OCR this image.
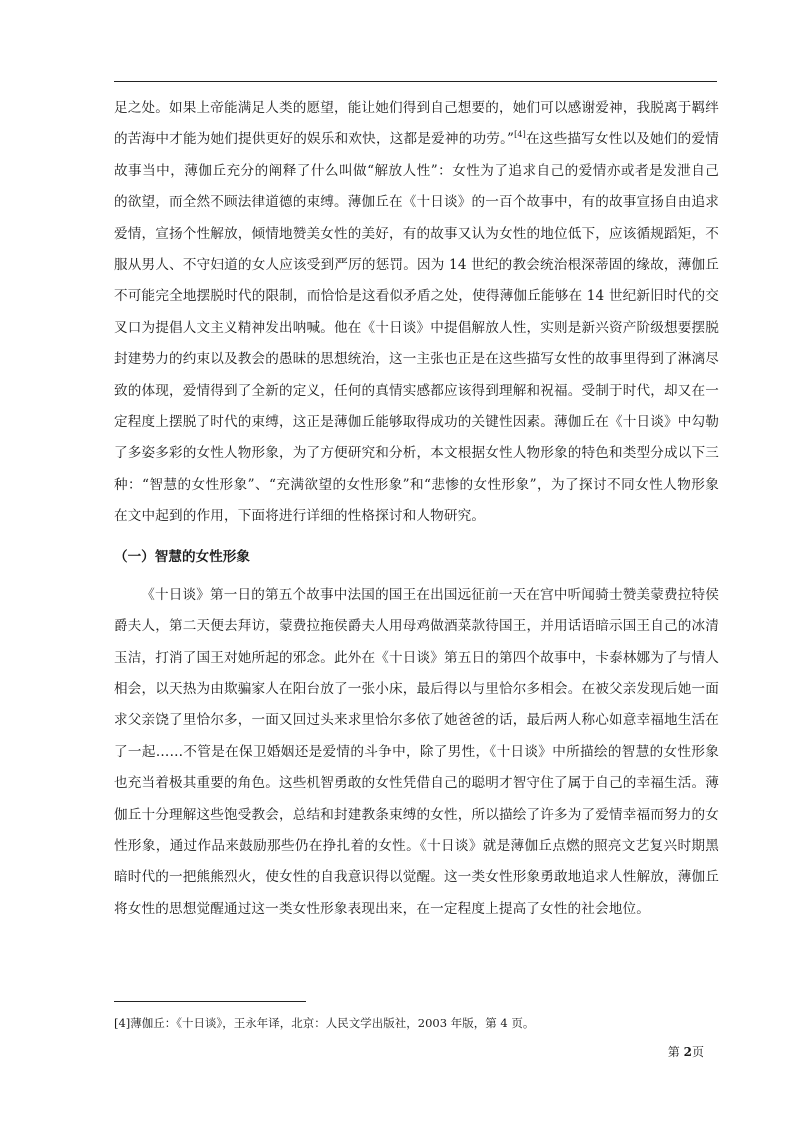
足之处。如果上帝能满足人类的愿望，能让她们得到自己想要的，她们可以感谢爱神，我脱离于羁绊的苦海中才能为她们提供更好的娱乐和欢快，这都是爱神的功劳。”[4]在这些描写女性以及她们的爱情故事当中，薄伽丘充分的阐释了什么叫做“解放人性”：女性为了追求自己的爱情亦或者是发泄自己的欲望，而全然不顾法律道德的束缚。薄伽丘在《十日谈》的一百个故事中，有的故事宣扬自由追求爱情，宣扬个性解放，倾情地赞美女性的美好，有的故事又认为女性的地位低下，应该循规蹈矩，不服从男人、不守妇道的女人应该受到严厉的惩罚。因为 14 世纪的教会统治根深蒂固的缘故，薄伽丘不可能完全地摆脱时代的限制，而恰恰是这看似矛盾之处，使得薄伽丘能够在 14 世纪新旧时代的交叉口为提倡人文主义精神发出呐喊。他在《十日谈》中提倡解放人性，实则是新兴资产阶级想要摆脱封建势力的约束以及教会的愚昧的思想统治，这一主张也正是在这些描写女性的故事里得到了淋漓尽致的体现，爱情得到了全新的定义，任何的真情实感都应该得到理解和祝福。受制于时代，却又在一定程度上摆脱了时代的束缚，这正是薄伽丘能够取得成功的关键性因素。薄伽丘在《十日谈》中勾勒了多姿多彩的女性人物形象，为了方便研究和分析，本文根据女性人物形象的特色和类型分成以下三种：“智慧的女性形象”、“充满欲望的女性形象”和“悲惨的女性形象”，为了探讨不同女性人物形象在文中起到的作用，下面将进行详细的性格探讨和人物研究。

（一）智慧的女性形象

《十日谈》第一日的第五个故事中法国的国王在出国远征前一天在宫中听闻骑士赞美蒙费拉特侯爵夫人，第二天便去拜访，蒙费拉拖侯爵夫人用母鸡做酒菜款待国王，并用话语暗示国王自己的冰清玉洁，打消了国王对她所起的邪念。此外在《十日谈》第五日的第四个故事中，卡泰林娜为了与情人相会，以天热为由欺骗家人在阳台放了一张小床，最后得以与里恰尔多相会。在被父亲发现后她一面求父亲饶了里恰尔多，一面又回过头来求里恰尔多依了她爸爸的话，最后两人称心如意幸福地生活在了一起……不管是在保卫婚姻还是爱情的斗争中，除了男性，《十日谈》中所描绘的智慧的女性形象也充当着极其重要的角色。这些机智勇敢的女性凭借自己的聪明才智守住了属于自己的幸福生活。薄伽丘十分理解这些饱受教会，总结和封建教条束缚的女性，所以描绘了许多为了爱情幸福而努力的女性形象，通过作品来鼓励那些仍在挣扎着的女性。《十日谈》就是薄伽丘点燃的照亮文艺复兴时期黑暗时代的一把熊熊烈火，使女性的自我意识得以觉醒。这一类女性形象勇敢地追求人性解放，薄伽丘将女性的思想觉醒通过这一类女性形象表现出来，在一定程度上提高了女性的社会地位。

[4]薄伽丘：《十日谈》，王永年译，北京：人民文学出版社，2003 年版，第 4 页。
第 2页
